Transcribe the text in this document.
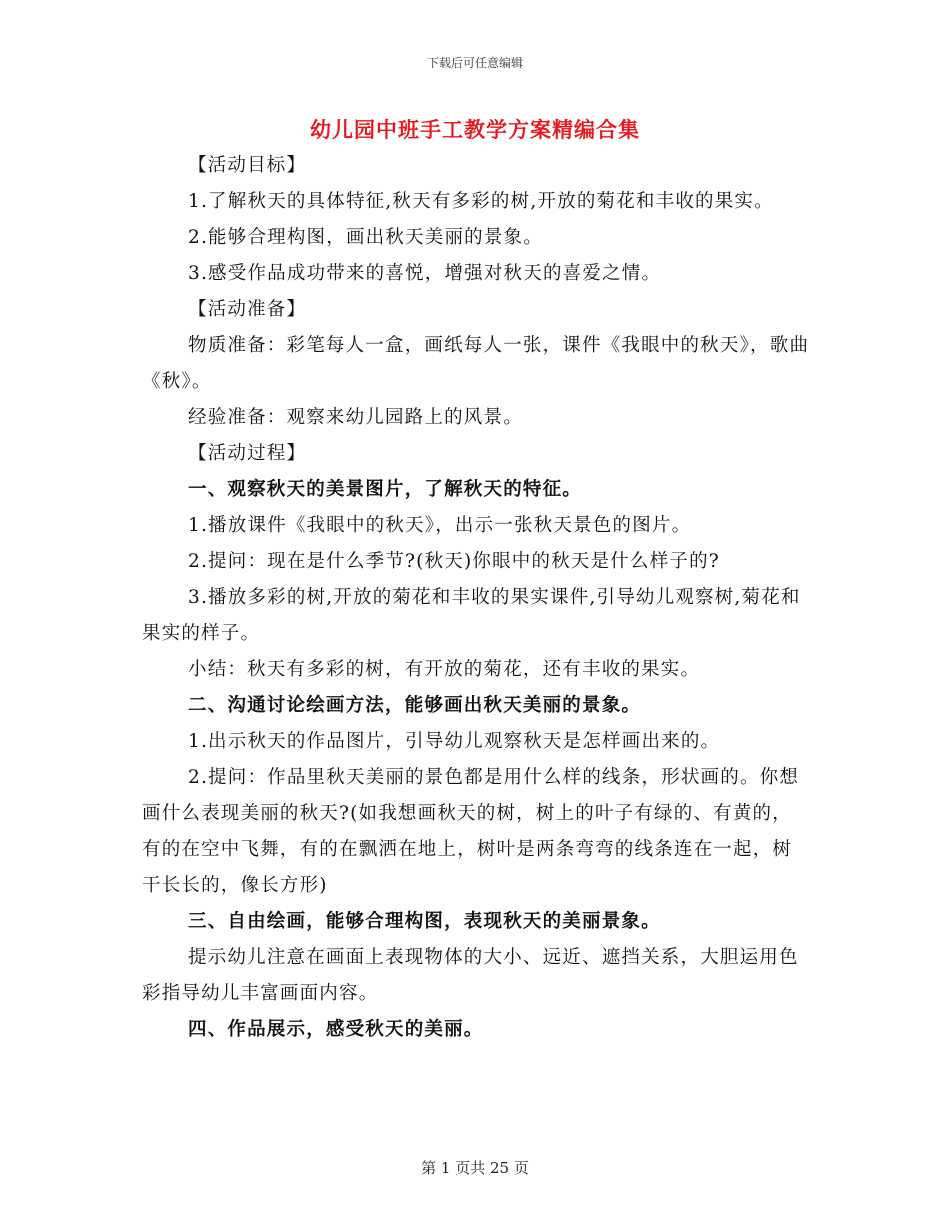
下载后可任意编辑
幼儿园中班手工教学方案精编合集

【活动目标】

1.了解秋天的具体特征,秋天有多彩的树,开放的菊花和丰收的果实。

2.能够合理构图，画出秋天美丽的景象。

3.感受作品成功带来的喜悦，增强对秋天的喜爱之情。

【活动准备】

物质准备：彩笔每人一盒，画纸每人一张，课件《我眼中的秋天》，歌曲《秋》。

经验准备：观察来幼儿园路上的风景。

【活动过程】

一、观察秋天的美景图片，了解秋天的特征。

1.播放课件《我眼中的秋天》，出示一张秋天景色的图片。

2.提问：现在是什么季节?(秋天)你眼中的秋天是什么样子的?

3.播放多彩的树,开放的菊花和丰收的果实课件,引导幼儿观察树,菊花和果实的样子。

小结：秋天有多彩的树，有开放的菊花，还有丰收的果实。

二、沟通讨论绘画方法，能够画出秋天美丽的景象。

1.出示秋天的作品图片，引导幼儿观察秋天是怎样画出来的。

2.提问：作品里秋天美丽的景色都是用什么样的线条，形状画的。你想画什么表现美丽的秋天?(如我想画秋天的树，树上的叶子有绿的、有黄的，有的在空中飞舞，有的在飘洒在地上，树叶是两条弯弯的线条连在一起，树干长长的，像长方形)

三、自由绘画，能够合理构图，表现秋天的美丽景象。

提示幼儿注意在画面上表现物体的大小、远近、遮挡关系，大胆运用色彩指导幼儿丰富画面内容。

四、作品展示，感受秋天的美丽。

第 1 页共 25 页
